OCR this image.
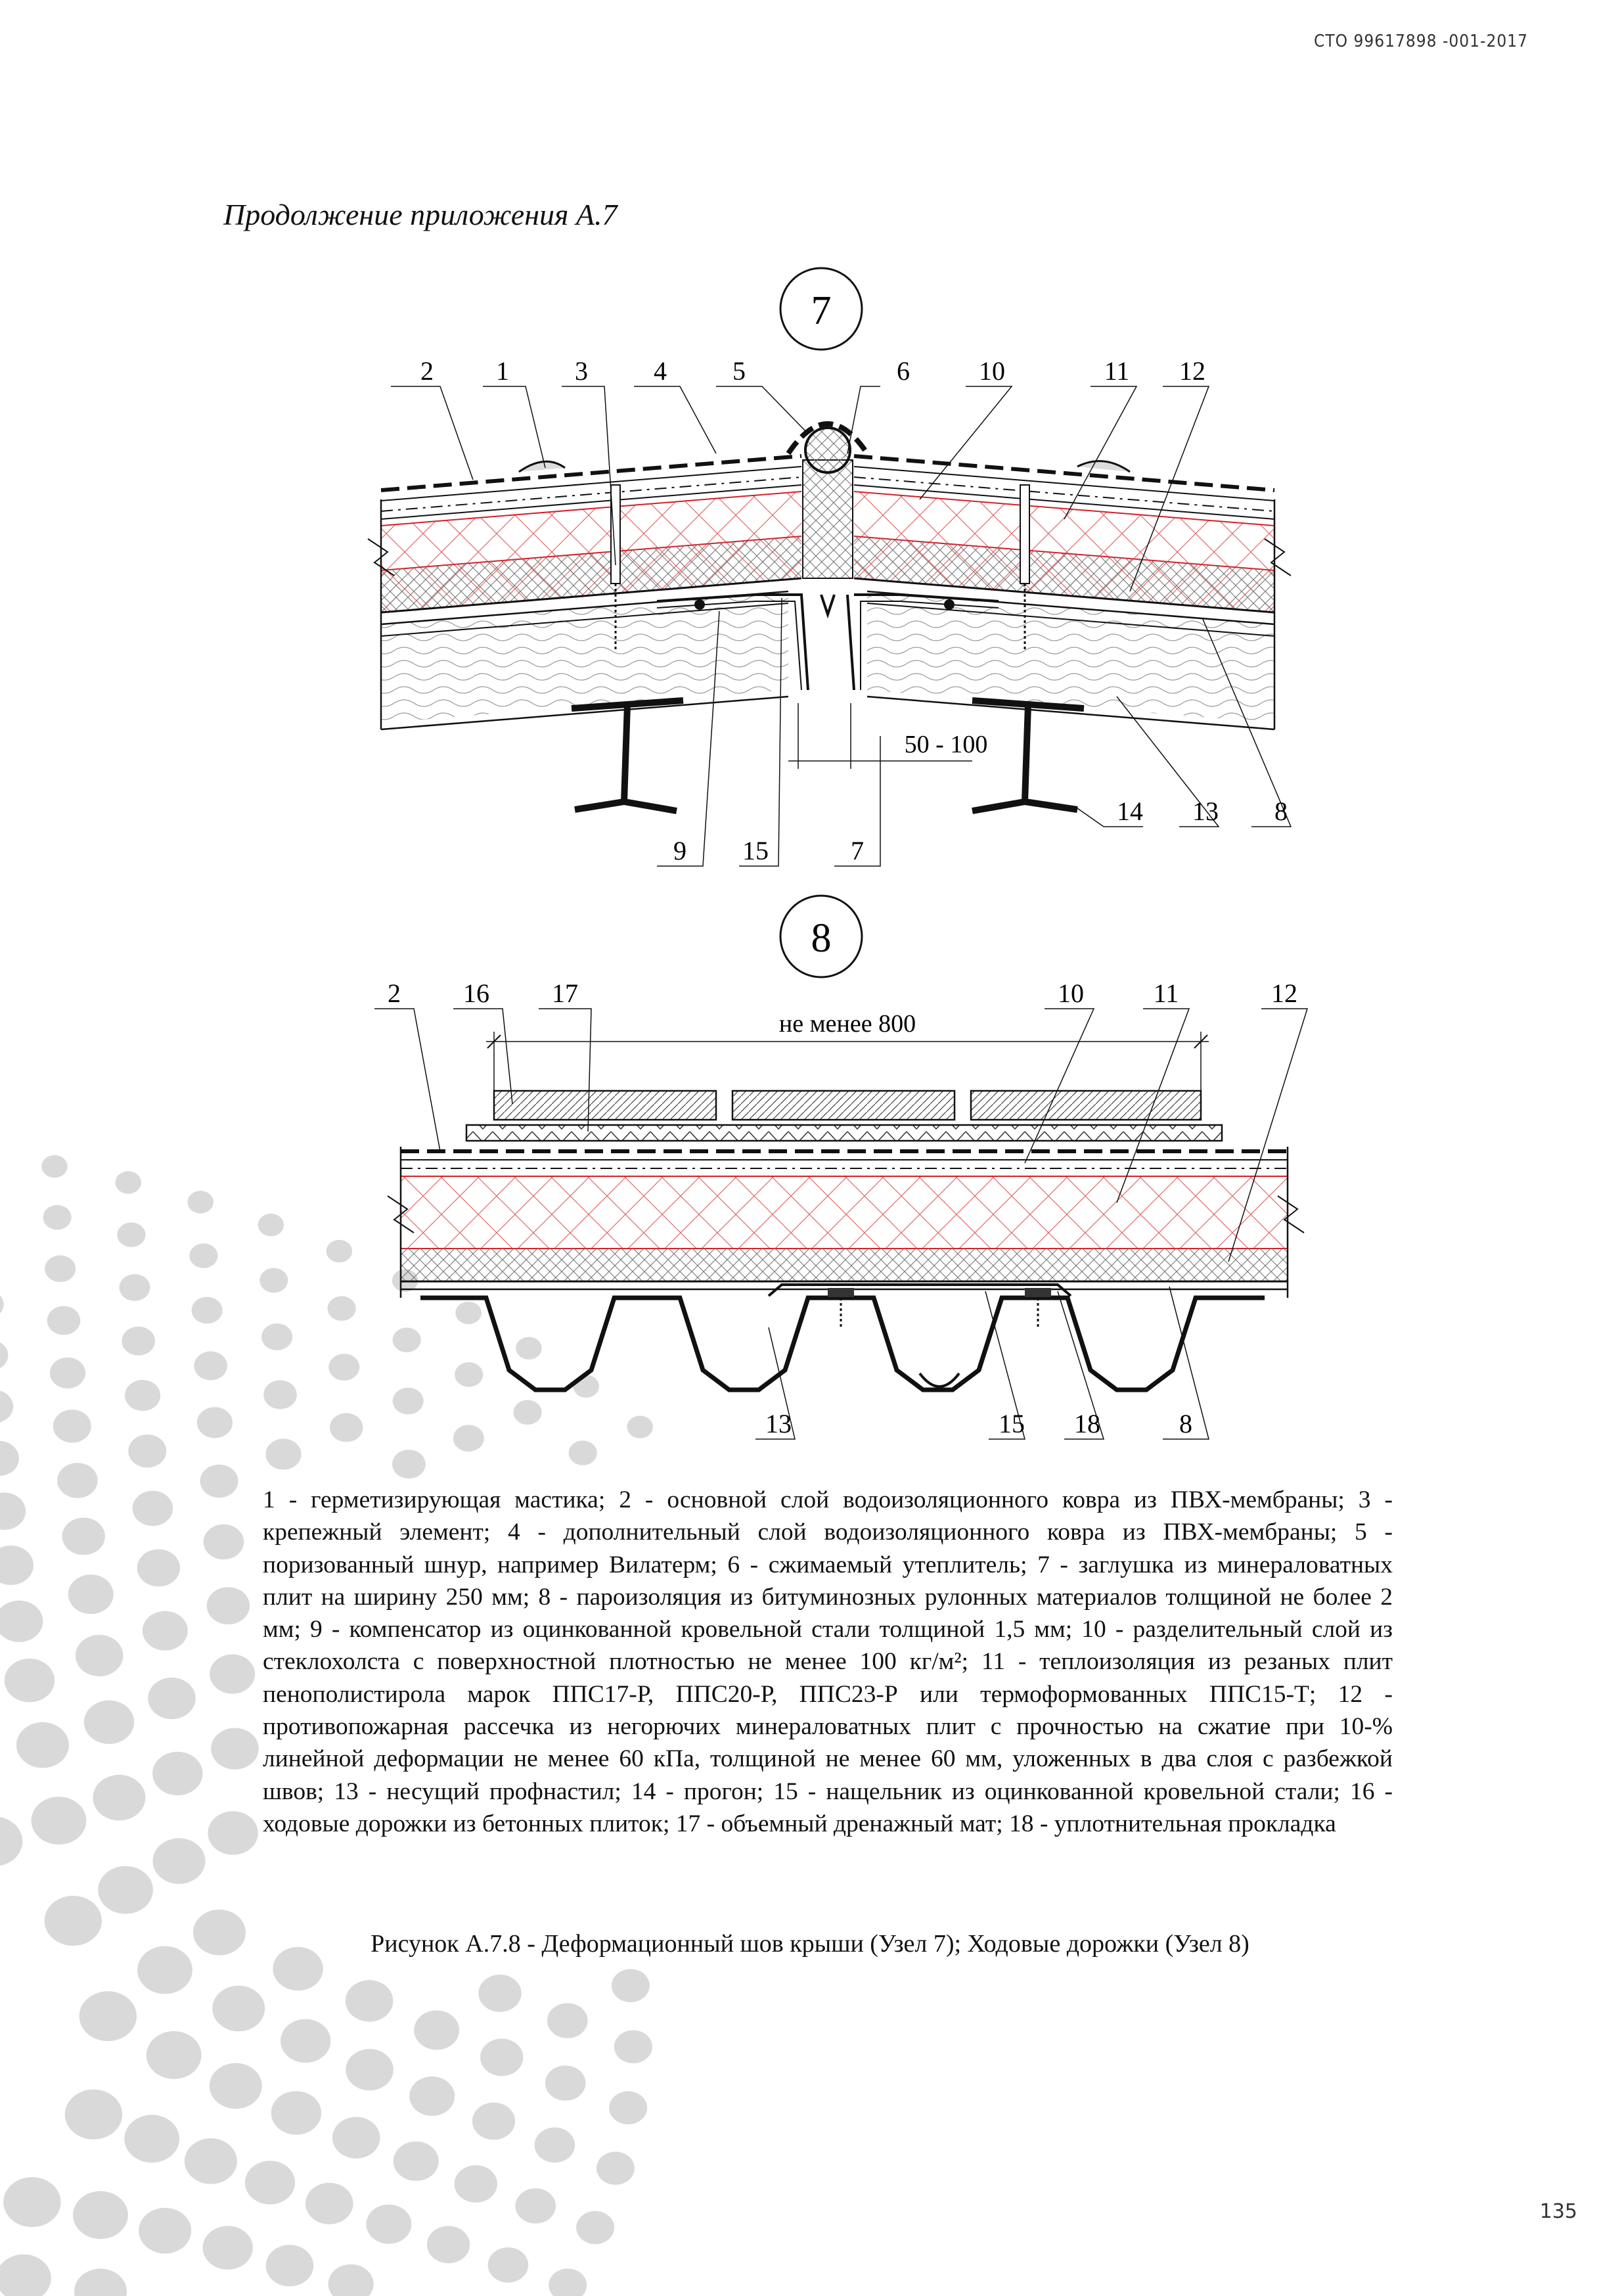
СТО 99617898 -001-2017
Продолжение приложения А.7
7
50 - 100
2 1	3	4	5	6	10	11 12
9 15	7
14 13 8
8
не менее 800
2 16 17	10	11	12
13	15 18	8

1 - герметизирующая мастика; 2 - основной слой водоизоляционного ковра из ПВХ-мембраны; 3 - крепежный элемент; 4 - дополнительный слой водоизоляционного ковра из ПВХ-мембраны; 5 - поризованный шнур, например Вилатерм; 6 - сжимаемый утеплитель; 7 - заглушка из минераловатных плит на ширину 250 мм; 8 - пароизоляция из битуминозных рулонных материалов толщиной не более 2 мм; 9 - компенсатор из оцинкованной кровельной стали толщиной 1,5 мм; 10 - разделительный слой из стеклохолста с поверхностной плотностью не менее 100 кг/м²; 11 - теплоизоляция из резаных плит пенополистирола марок ППС17-Р, ППС20-Р, ППС23-Р или термоформованных ППС15-Т; 12 - противопожарная рассечка из негорючих минераловатных плит с прочностью на сжатие при 10-% линейной деформации не менее 60 кПа, толщиной не менее 60 мм, уложенных в два слоя с разбежкой швов; 13 - несущий профнастил; 14 - прогон; 15 - нащельник из оцинкованной кровельной стали; 16 - ходовые дорожки из бетонных плиток; 17 - объемный дренажный мат; 18 - уплотнительная прокладка

Рисунок А.7.8 - Деформационный шов крыши (Узел 7); Ходовые дорожки (Узел 8)
135
